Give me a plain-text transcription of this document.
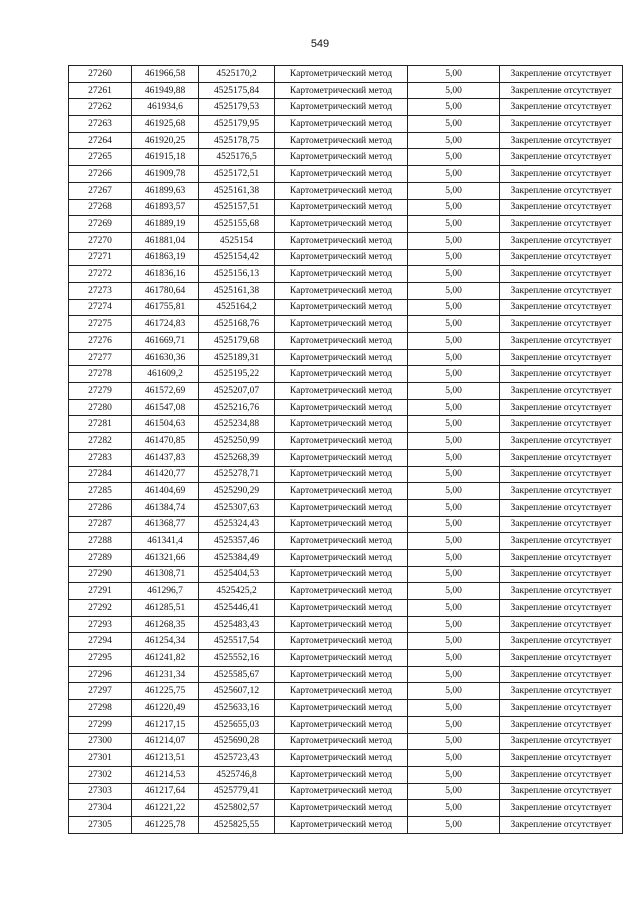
549
27260	461966,58	4525170,2	Картометрический метод	5,00	Закрепление отсутствует
27261	461949,88	4525175,84	Картометрический метод	5,00	Закрепление отсутствует
27262	461934,6	4525179,53	Картометрический метод	5,00	Закрепление отсутствует
27263	461925,68	4525179,95	Картометрический метод	5,00	Закрепление отсутствует
27264	461920,25	4525178,75	Картометрический метод	5,00	Закрепление отсутствует
27265	461915,18	4525176,5	Картометрический метод	5,00	Закрепление отсутствует
27266	461909,78	4525172,51	Картометрический метод	5,00	Закрепление отсутствует
27267	461899,63	4525161,38	Картометрический метод	5,00	Закрепление отсутствует
27268	461893,57	4525157,51	Картометрический метод	5,00	Закрепление отсутствует
27269	461889,19	4525155,68	Картометрический метод	5,00	Закрепление отсутствует
27270	461881,04	4525154	Картометрический метод	5,00	Закрепление отсутствует
27271	461863,19	4525154,42	Картометрический метод	5,00	Закрепление отсутствует
27272	461836,16	4525156,13	Картометрический метод	5,00	Закрепление отсутствует
27273	461780,64	4525161,38	Картометрический метод	5,00	Закрепление отсутствует
27274	461755,81	4525164,2	Картометрический метод	5,00	Закрепление отсутствует
27275	461724,83	4525168,76	Картометрический метод	5,00	Закрепление отсутствует
27276	461669,71	4525179,68	Картометрический метод	5,00	Закрепление отсутствует
27277	461630,36	4525189,31	Картометрический метод	5,00	Закрепление отсутствует
27278	461609,2	4525195,22	Картометрический метод	5,00	Закрепление отсутствует
27279	461572,69	4525207,07	Картометрический метод	5,00	Закрепление отсутствует
27280	461547,08	4525216,76	Картометрический метод	5,00	Закрепление отсутствует
27281	461504,63	4525234,88	Картометрический метод	5,00	Закрепление отсутствует
27282	461470,85	4525250,99	Картометрический метод	5,00	Закрепление отсутствует
27283	461437,83	4525268,39	Картометрический метод	5,00	Закрепление отсутствует
27284	461420,77	4525278,71	Картометрический метод	5,00	Закрепление отсутствует
27285	461404,69	4525290,29	Картометрический метод	5,00	Закрепление отсутствует
27286	461384,74	4525307,63	Картометрический метод	5,00	Закрепление отсутствует
27287	461368,77	4525324,43	Картометрический метод	5,00	Закрепление отсутствует
27288	461341,4	4525357,46	Картометрический метод	5,00	Закрепление отсутствует
27289	461321,66	4525384,49	Картометрический метод	5,00	Закрепление отсутствует
27290	461308,71	4525404,53	Картометрический метод	5,00	Закрепление отсутствует
27291	461296,7	4525425,2	Картометрический метод	5,00	Закрепление отсутствует
27292	461285,51	4525446,41	Картометрический метод	5,00	Закрепление отсутствует
27293	461268,35	4525483,43	Картометрический метод	5,00	Закрепление отсутствует
27294	461254,34	4525517,54	Картометрический метод	5,00	Закрепление отсутствует
27295	461241,82	4525552,16	Картометрический метод	5,00	Закрепление отсутствует
27296	461231,34	4525585,67	Картометрический метод	5,00	Закрепление отсутствует
27297	461225,75	4525607,12	Картометрический метод	5,00	Закрепление отсутствует
27298	461220,49	4525633,16	Картометрический метод	5,00	Закрепление отсутствует
27299	461217,15	4525655,03	Картометрический метод	5,00	Закрепление отсутствует
27300	461214,07	4525690,28	Картометрический метод	5,00	Закрепление отсутствует
27301	461213,51	4525723,43	Картометрический метод	5,00	Закрепление отсутствует
27302	461214,53	4525746,8	Картометрический метод	5,00	Закрепление отсутствует
27303	461217,64	4525779,41	Картометрический метод	5,00	Закрепление отсутствует
27304	461221,22	4525802,57	Картометрический метод	5,00	Закрепление отсутствует
27305	461225,78	4525825,55	Картометрический метод	5,00	Закрепление отсутствует
